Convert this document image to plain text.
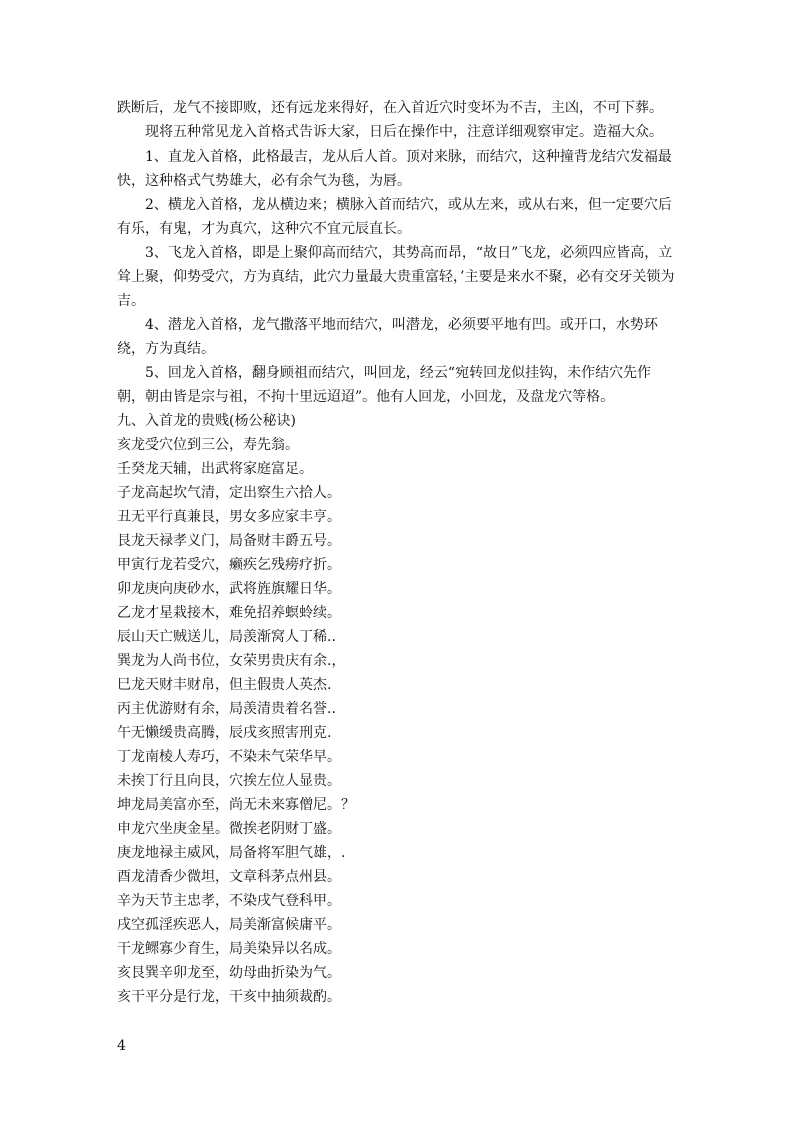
跌断后，龙气不接即败，还有远龙来得好，在入首近穴时变坏为不吉，主凶，不可下葬。

现将五种常见龙入首格式告诉大家，日后在操作中，注意详细观察审定。造福大众。

1、直龙入首格，此格最吉，龙从后人首。顶对来脉，而结穴，这种撞背龙结穴发福最快，这种格式气势雄大，必有余气为毯，为唇。

2、横龙入首格，龙从横边来；横脉入首而结穴，或从左来，或从右来，但一定要穴后有乐，有鬼，才为真穴，这种穴不宜元辰直长。

3、飞龙入首格，即是上聚仰高而结穴，其势高而昂，“故日”飞龙，必须四应皆高，立耸上聚，仰势受穴，方为真结，此穴力量最大贵重富轻，’主要是来水不聚，必有交牙关锁为吉。

4、潜龙入首格，龙气撒落平地而结穴，叫潜龙，必须要平地有凹。或开口，水势环绕，方为真结。

5、回龙入首格，翻身顾祖而结穴，叫回龙，经云“宛转回龙似挂钩，未作结穴先作朝，朝由皆是宗与祖，不拘十里远迢迢”。他有人回龙，小回龙，及盘龙穴等格。

九、入首龙的贵贱(杨公秘诀)

亥龙受穴位到三公，寿先翁。

壬癸龙天辅，出武将家庭富足。

子龙高起坎气清，定出察生六拾人。

丑无平行真兼艮，男女多应家丰亨。

艮龙天禄孝义门，局备财丰爵五号。

甲寅行龙若受穴，癞疾乞残痨疗折。

卯龙庚向庚砂水，武将旌旗耀日华。

乙龙才星栽接木，难免招养螟蛉续。

辰山天亡贼送儿，局羡渐窝人丁稀..

巽龙为人尚书位，女荣男贵庆有余.，

巳龙天财丰财帛，但主假贵人英杰.

丙主优游财有余，局羡清贵着名誉..

午无懒缓贵高腾，辰戌亥照害刑克.

丁龙南棱人寿巧，不染未气荣华早。

未挨丁行且向艮，穴挨左位人显贵。

坤龙局美富亦至，尚无未来寡僧尼。？

申龙穴坐庚金星。微挨老阴财丁盛。

庚龙地禄主威风，局备将军胆气雄，.

酉龙清香少微坦，文章科茅点州县。

辛为天节主忠孝，不染戌气登科甲。

戌空孤淫疾恶人，局美渐富候庸平。

干龙鳏寡少育生，局美染异以名成。

亥艮巽辛卯龙至，幼母曲折染为气。

亥干平分是行龙，干亥中抽须裁酌。

4
